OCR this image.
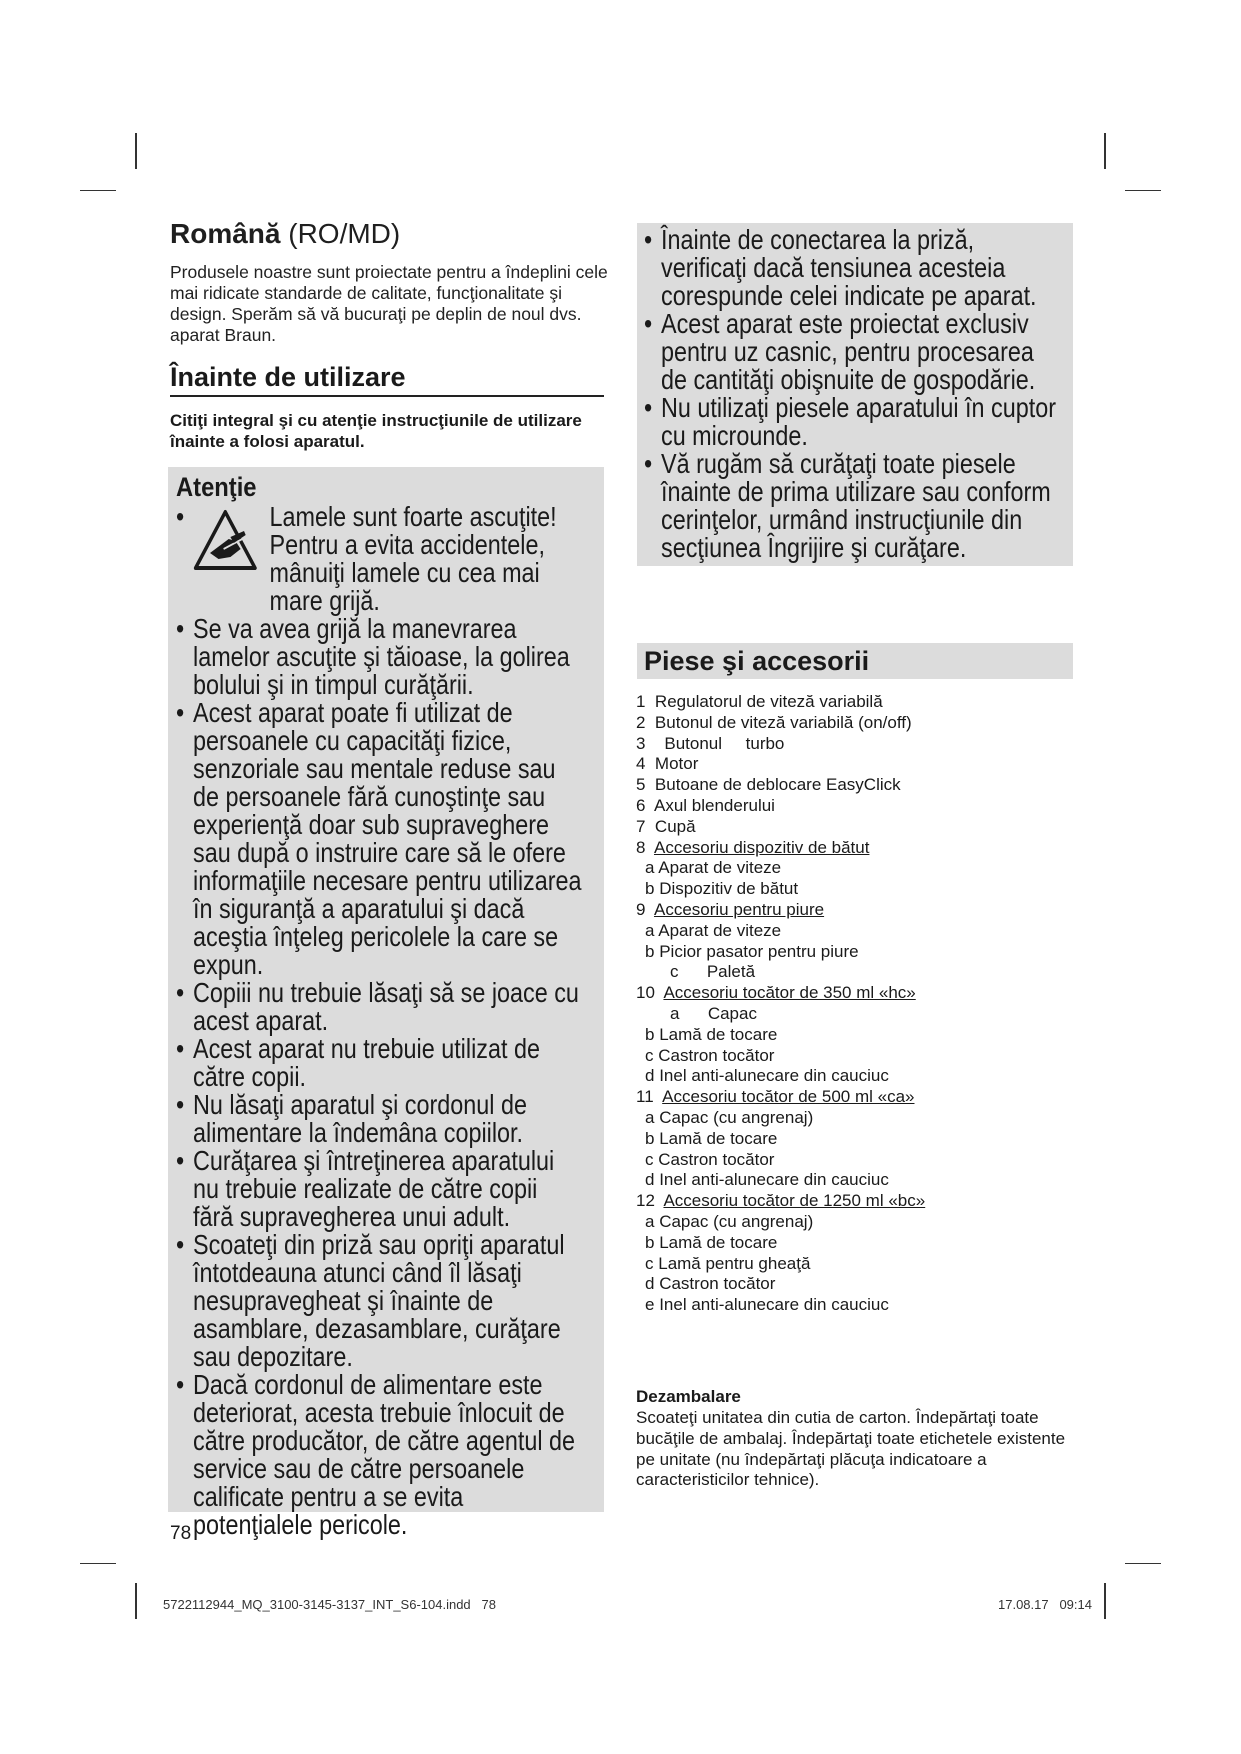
Română (RO/MD)
Produsele noastre sunt proiectate pentru a îndeplini cele mai ridicate standarde de calitate, funcţionalitate şi design. Sperăm să vă bucuraţi pe deplin de noul dvs. aparat Braun.
Înainte de utilizare
Citiţi integral şi cu atenţie instrucţiunile de utilizare înainte a folosi aparatul.
Atenţie
•	Lamele sunt foarte ascuţite! Pentru a evita accidentele, mânuiţi lamele cu cea mai mare grijă.
• Se va avea grijă la manevrarea lamelor ascuţite şi tăioase, la golirea bolului şi in timpul curăţării.
• Acest aparat poate fi utilizat de persoanele cu capacităţi fizice, senzoriale sau mentale reduse sau de persoanele fără cunoştinţe sau experienţă doar sub supraveghere sau după o instruire care să le ofere informaţiile necesare pentru utilizarea în siguranţă a aparatului şi dacă aceştia înţeleg pericolele la care se expun.
• Copiii nu trebuie lăsaţi să se joace cu acest aparat.
• Acest aparat nu trebuie utilizat de către copii.
• Nu lăsaţi aparatul şi cordonul de alimentare la îndemâna copiilor.
• Curăţarea şi întreţinerea aparatului nu trebuie realizate de către copii fără supravegherea unui adult.
• Scoateţi din priză sau opriţi aparatul întotdeauna atunci când îl lăsaţi nesupravegheat şi înainte de asamblare, dezasamblare, curăţare sau depozitare.
• Dacă cordonul de alimentare este deteriorat, acesta trebuie înlocuit de către producător, de către agentul de service sau de către persoanele calificate pentru a se evita potenţialele pericole.
78
• Înainte de conectarea la priză, verificaţi dacă tensiunea acesteia corespunde celei indicate pe aparat.
• Acest aparat este proiectat exclusiv pentru uz casnic, pentru procesarea de cantităţi obişnuite de gospodărie.
• Nu utilizaţi piesele aparatului în cuptor cu microunde.
• Vă rugăm să curăţaţi toate piesele înainte de prima utilizare sau conform cerinţelor, urmând instrucţiunile din secţiunea Îngrijire şi curăţare.
Piese şi accesorii
1 Regulatorul de viteză variabilă
2 Butonul de viteză variabilă (on/off)
3    Butonul     turbo
4 Motor
5 Butoane de deblocare EasyClick
6 Axul blenderului
7 Cupă
8 Accesoriu dispozitiv de bătut
a Aparat de viteze
b Dispozitiv de bătut
9 Accesoriu pentru piure
a Aparat de viteze
b Picior pasator pentru piure
c Paletă
10 Accesoriu tocător de 350 ml «hc»
a Capac
b Lamă de tocare
c Castron tocător
d Inel anti-alunecare din cauciuc
11 Accesoriu tocător de 500 ml «ca»
a Capac (cu angrenaj)
b Lamă de tocare
c Castron tocător
d Inel anti-alunecare din cauciuc
12 Accesoriu tocător de 1250 ml «bc»
a Capac (cu angrenaj)
b Lamă de tocare
c Lamă pentru gheaţă
d Castron tocător
e Inel anti-alunecare din cauciuc
Dezambalare
Scoateţi unitatea din cutia de carton. Îndepărtaţi toate bucăţile de ambalaj. Îndepărtaţi toate etichetele existente pe unitate (nu îndepărtaţi plăcuţa indicatoare a caracteristicilor tehnice).
5722112944_MQ_3100-3145-3137_INT_S6-104.indd   78	17.08.17   09:14
